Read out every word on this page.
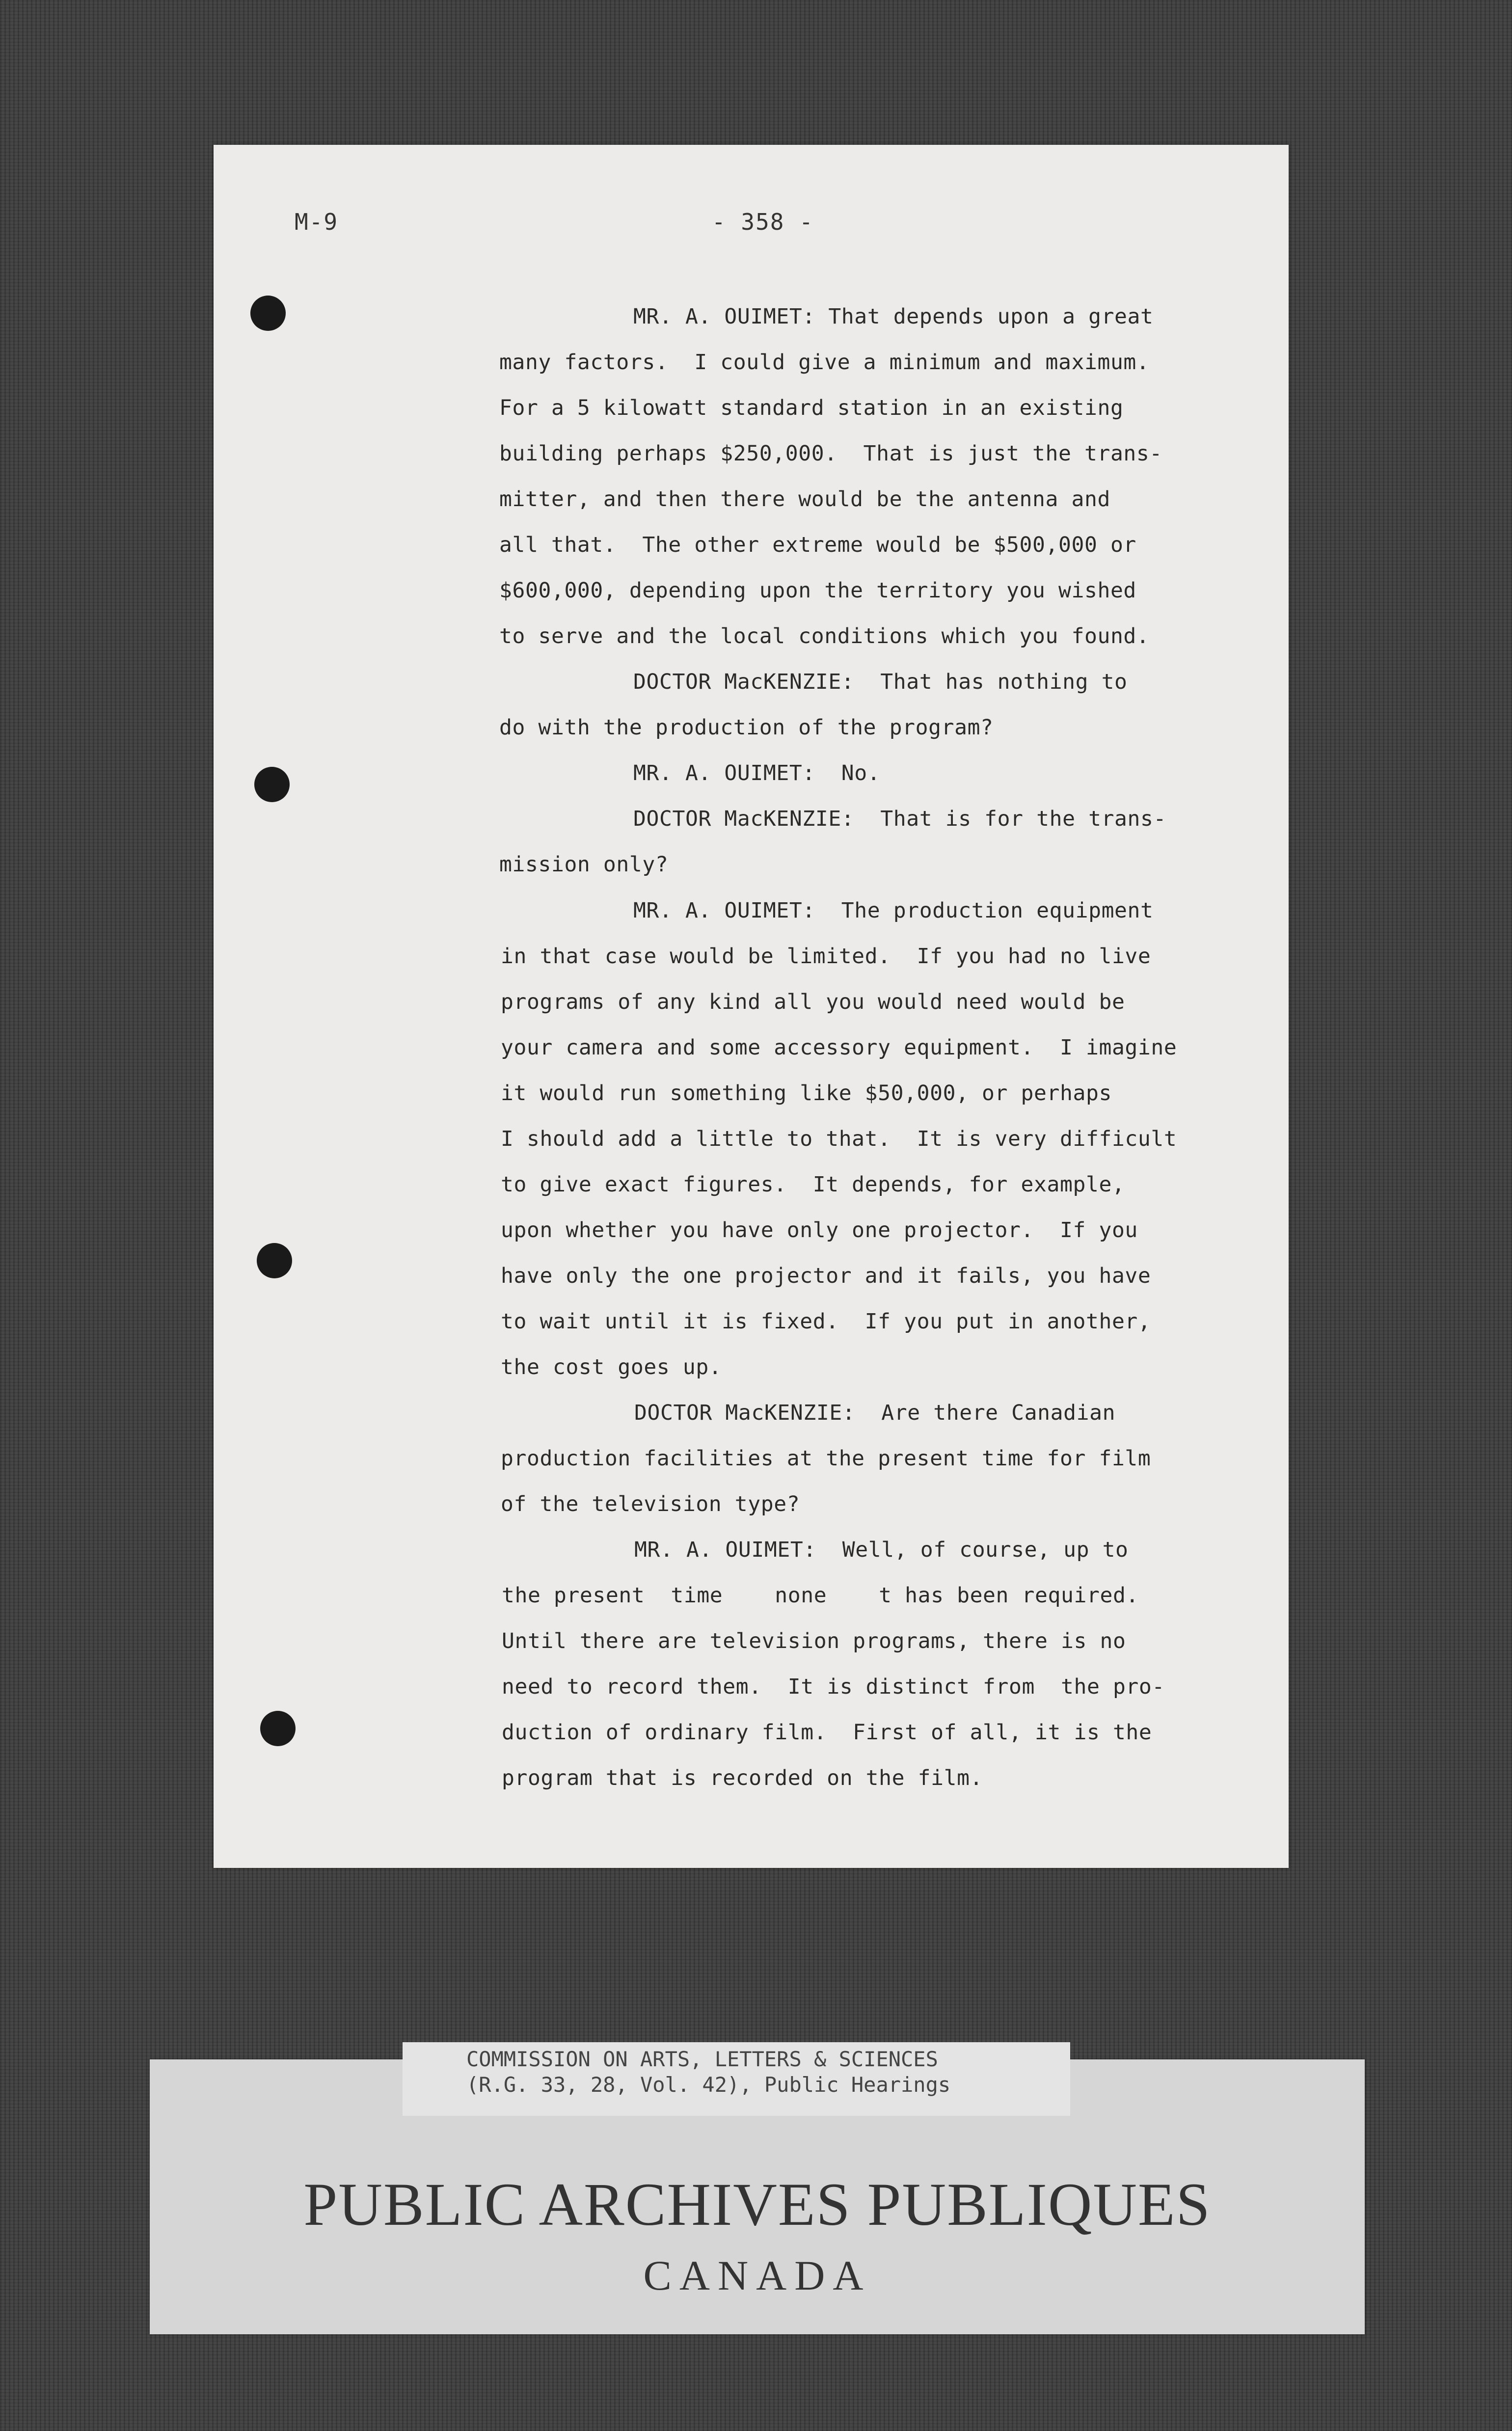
M-9	- 358 -
MR. A. OUIMET: That depends upon a great
many factors.  I could give a minimum and maximum.
For a 5 kilowatt standard station in an existing
building perhaps $250,000.  That is just the trans-
mitter, and then there would be the antenna and
all that.  The other extreme would be $500,000 or
$600,000, depending upon the territory you wished
to serve and the local conditions which you found.
DOCTOR MacKENZIE:  That has nothing to
do with the production of the program?
MR. A. OUIMET:  No.
DOCTOR MacKENZIE:  That is for the trans-
mission only?
MR. A. OUIMET:  The production equipment
in that case would be limited.  If you had no live
programs of any kind all you would need would be
your camera and some accessory equipment.  I imagine
it would run something like $50,000, or perhaps
I should add a little to that.  It is very difficult
to give exact figures.  It depends, for example,
upon whether you have only one projector.  If you
have only the one projector and it fails, you have
to wait until it is fixed.  If you put in another,
the cost goes up.
DOCTOR MacKENZIE:  Are there Canadian
production facilities at the present time for film
of the television type?
MR. A. OUIMET:  Well, of course, up to
the present  time    none    t has been required.
Until there are television programs, there is no
need to record them.  It is distinct from  the pro-
duction of ordinary film.  First of all, it is the
program that is recorded on the film.
COMMISSION ON ARTS, LETTERS & SCIENCES
(R.G. 33, 28, Vol. 42), Public Hearings
PUBLIC ARCHIVES PUBLIQUES
CANADA
